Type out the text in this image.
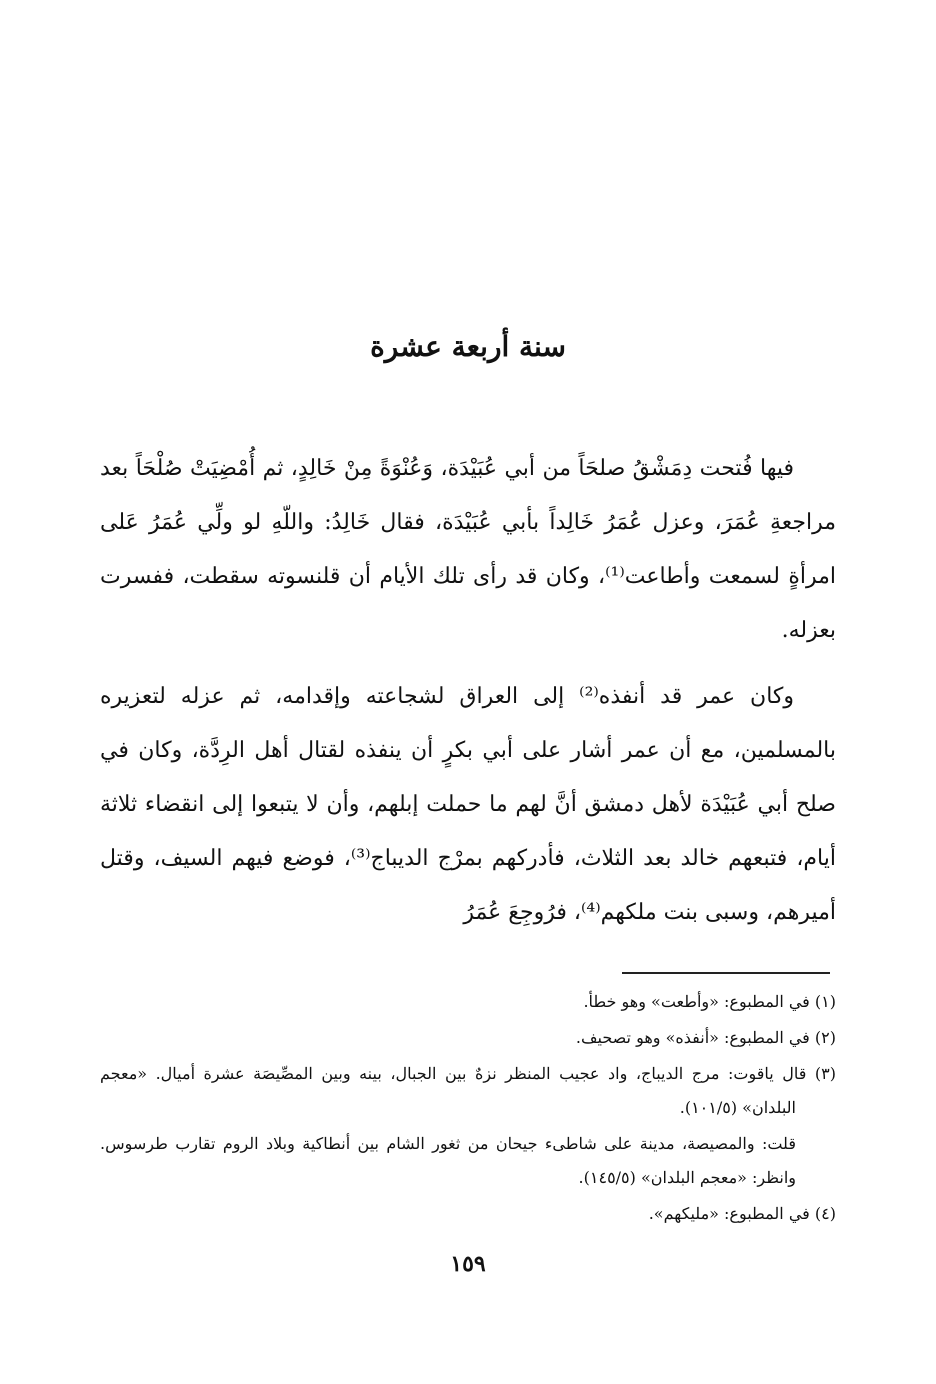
سنة أربعة عشرة

فيها فُتحت دِمَشْقُ صلحَاً من أبي عُبَيْدَة، وَعُنْوَةً مِنْ خَالِدٍ، ثم أُمْضِيَتْ صُلْحَاً بعد مراجعةِ عُمَرَ، وعزل عُمَرُ خَالِداً بأبي عُبَيْدَة، فقال خَالِدُ: واللّهِ لو ولِّي عُمَرُ عَلى امرأةٍ لسمعت وأطاعت⁽¹⁾، وكان قد رأى تلك الأيام أن قلنسوته سقطت، ففسرت بعزله.

وكان عمر قد أنفذه⁽²⁾ إلى العراق لشجاعته وإقدامه، ثم عزله لتعزيره بالمسلمين، مع أن عمر أشار على أبي بكرٍ أن ينفذه لقتال أهل الرِدَّة، وكان في صلح أبي عُبَيْدَة لأهل دمشق أنَّ لهم ما حملت إبلهم، وأن لا يتبعوا إلى انقضاء ثلاثة أيام، فتبعهم خالد بعد الثلاث، فأدركهم بمرْج الديباج⁽³⁾، فوضع فيهم السيف، وقتل أميرهم، وسبى بنت ملكهم⁽⁴⁾، فرُوجِعَ عُمَرُ

(١) في المطبوع: «وأطعت» وهو خطأ.
(٢) في المطبوع: «أنفذه» وهو تصحيف.
(٣) قال ياقوت: مرج الديباج، واد عجيب المنظر نزهٌ بين الجبال، بينه وبين المصِّيصَة عشرة أميال. «معجم البلدان» (١٠١/٥).
قلت: والمصيصة، مدينة على شاطىء جيحان من ثغور الشام بين أنطاكية وبلاد الروم تقارب طرسوس. وانظر: «معجم البلدان» (١٤٥/٥).
(٤) في المطبوع: «مليكهم».
١٥٩
